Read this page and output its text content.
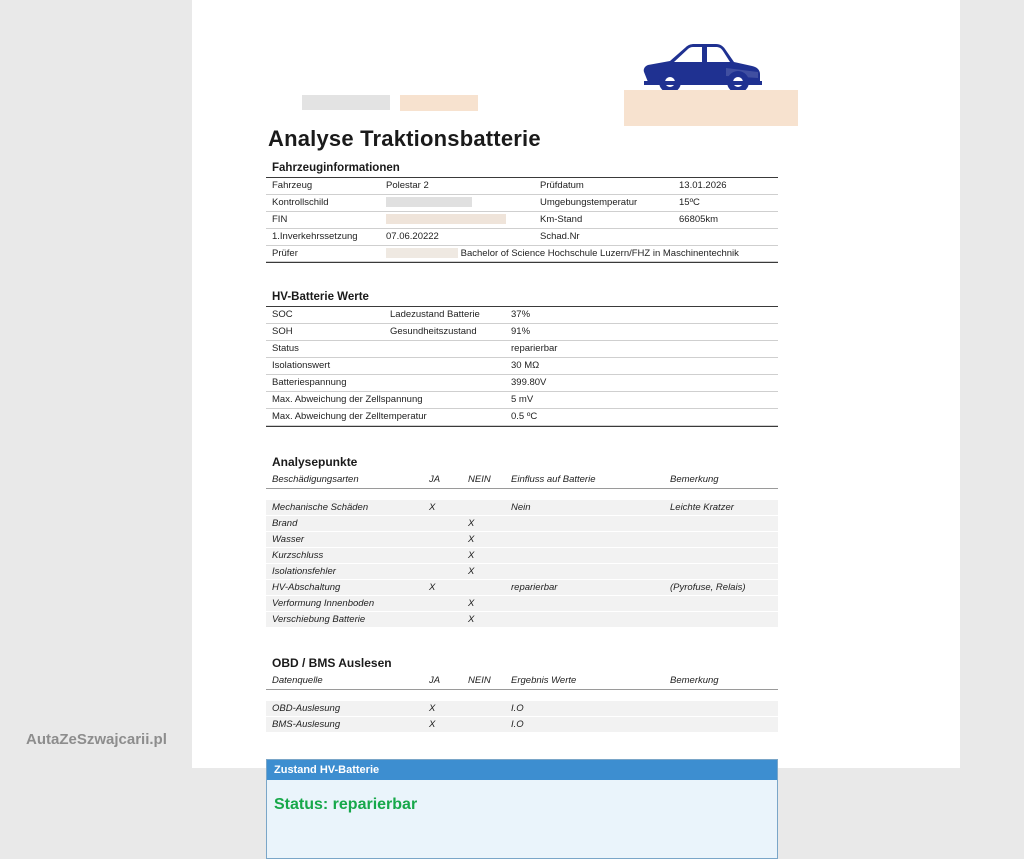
Analyse Traktionsbatterie
Fahrzeuginformationen
Fahrzeug	Polestar 2	Prüfdatum	13.01.2026
Kontrollschild		Umgebungstemperatur	15ºC
FIN		Km-Stand	66805km
1.Inverkehrssetzung	07.06.20222	Schad.Nr	
Prüfer	Bachelor of Science Hochschule Luzern/FHZ in Maschinentechnik		
HV-Batterie Werte
SOC Ladezustand Batterie	37%	
SOH Gesundheitszustand	91%	
Status	reparierbar	
Isolationswert	30 MΩ	
Batteriespannung	399.80V	
Max. Abweichung der Zellspannung	5 mV	
Max. Abweichung der Zelltemperatur	0.5 ºC	
Analysepunkte
Beschädigungsarten	JA	NEIN	Einfluss auf Batterie	Bemerkung

Mechanische Schäden	X		Nein	Leichte Kratzer
Brand		X		
Wasser		X		
Kurzschluss		X		
Isolationsfehler		X		
HV-Abschaltung	X		reparierbar	(Pyrofuse, Relais)
Verformung Innenboden		X		
Verschiebung Batterie		X		
OBD / BMS Auslesen
Datenquelle	JA	NEIN	Ergebnis Werte	Bemerkung

OBD-Auslesung	X		I.O	
BMS-Auslesung	X		I.O	
Zustand HV-Batterie
Status: reparierbar
AutaZeSzwajcarii.pl
